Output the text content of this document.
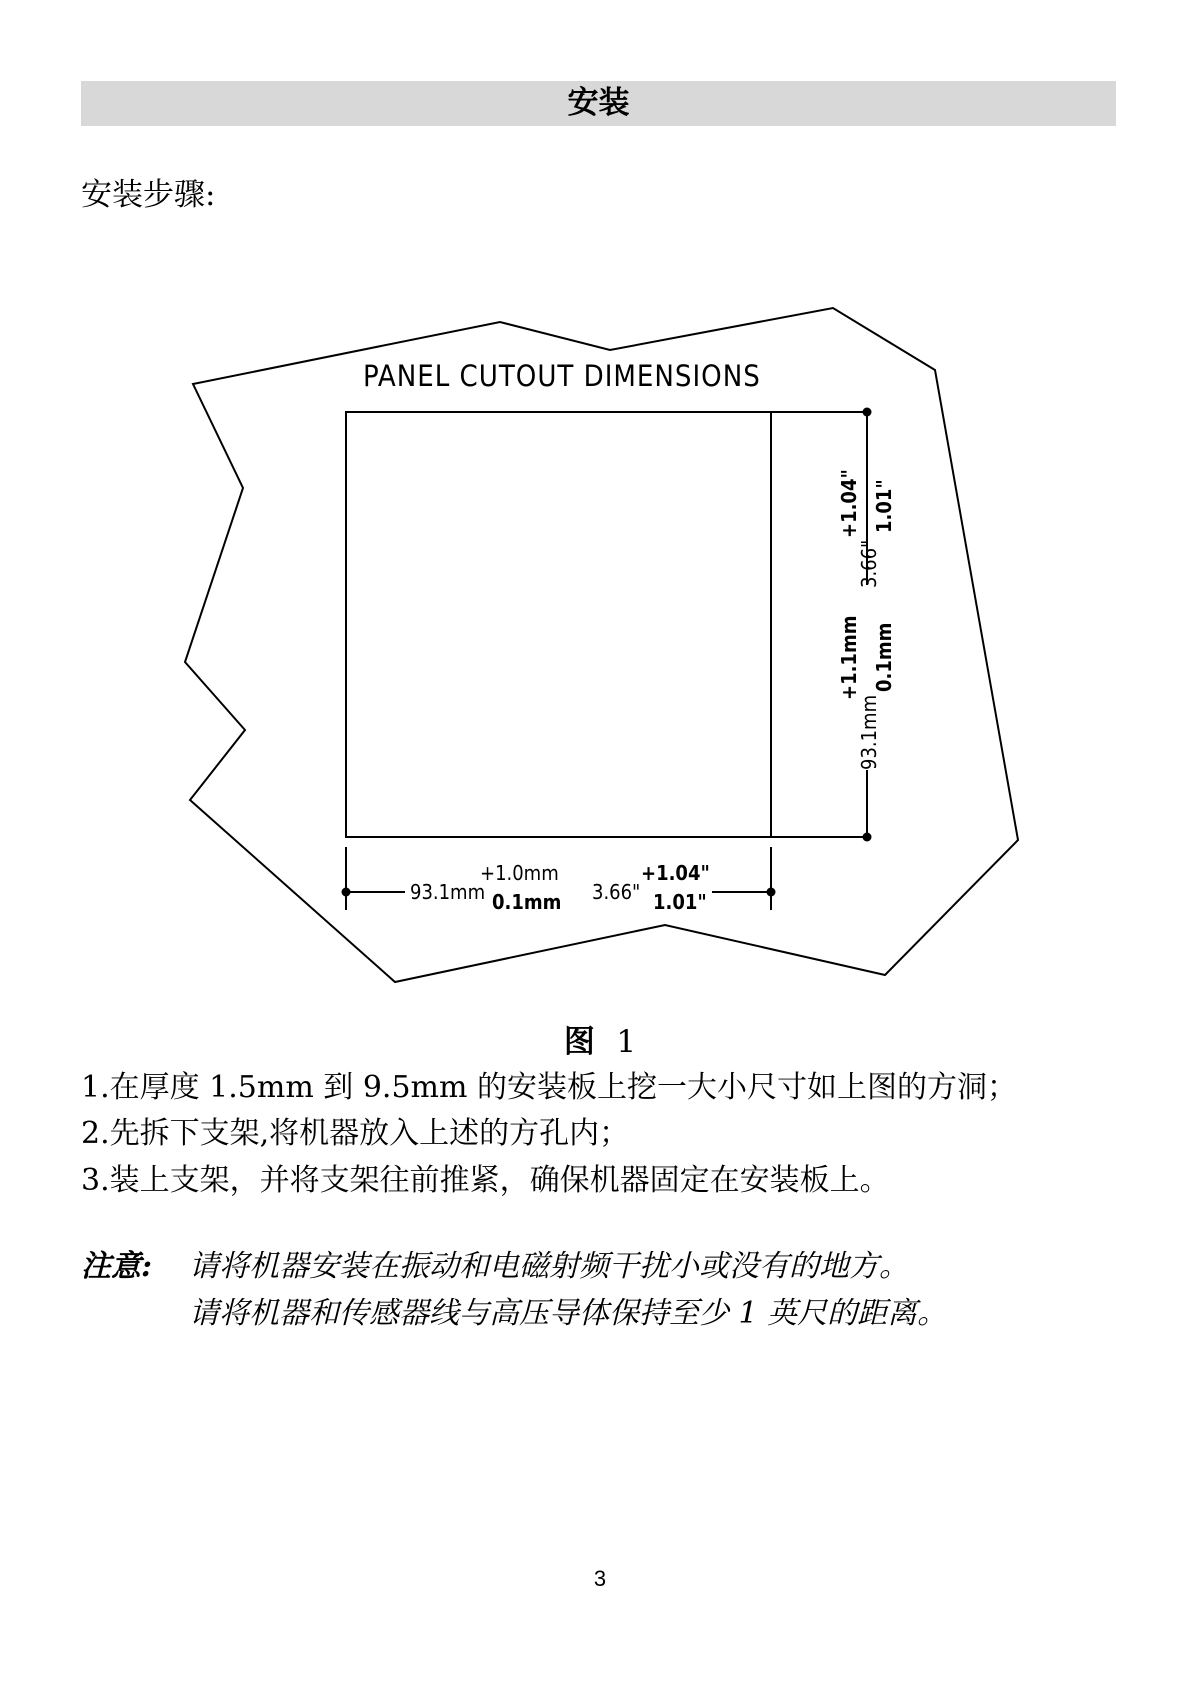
安装
安装步骤:
PANEL CUTOUT DIMENSIONS
3.66"
+1.04" 1.01"
93.1mm
+1.1mm 0.1mm
93.1mm
+1.0mm
0.1mm 3.66"
+1.04"
1.01"
图 1
1.在厚度 1.5mm 到 9.5mm 的安装板上挖一大小尺寸如上图的方洞；
2.先拆下支架,将机器放入上述的方孔内；
3.装上支架，并将支架往前推紧，确保机器固定在安装板上。
注意: 请将机器安装在振动和电磁射频干扰小或没有的地方。
请将机器和传感器线与高压导体保持至少 1 英尺的距离。
3
